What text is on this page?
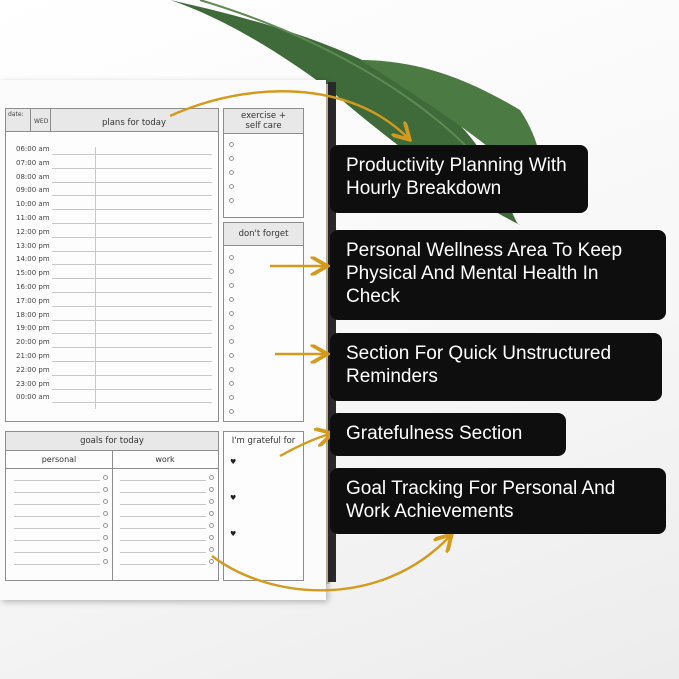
date:
WED	plans for today
06:00 am
07:00 am
08:00 am
09:00 am
10:00 am
11:00 am
12:00 pm
13:00 pm
14:00 pm
15:00 pm
16:00 pm
17:00 pm
18:00 pm
19:00 pm
20:00 pm
21:00 pm
22:00 pm
23:00 pm
00:00 am
exercise +
self care
don't forget
goals for today
personal	work
I'm grateful for
♥
♥
♥
Productivity Planning With Hourly Breakdown
Personal Wellness Area To Keep Physical And Mental Health In Check
Section For Quick Unstructured Reminders
Gratefulness Section
Goal Tracking For Personal And Work Achievements
